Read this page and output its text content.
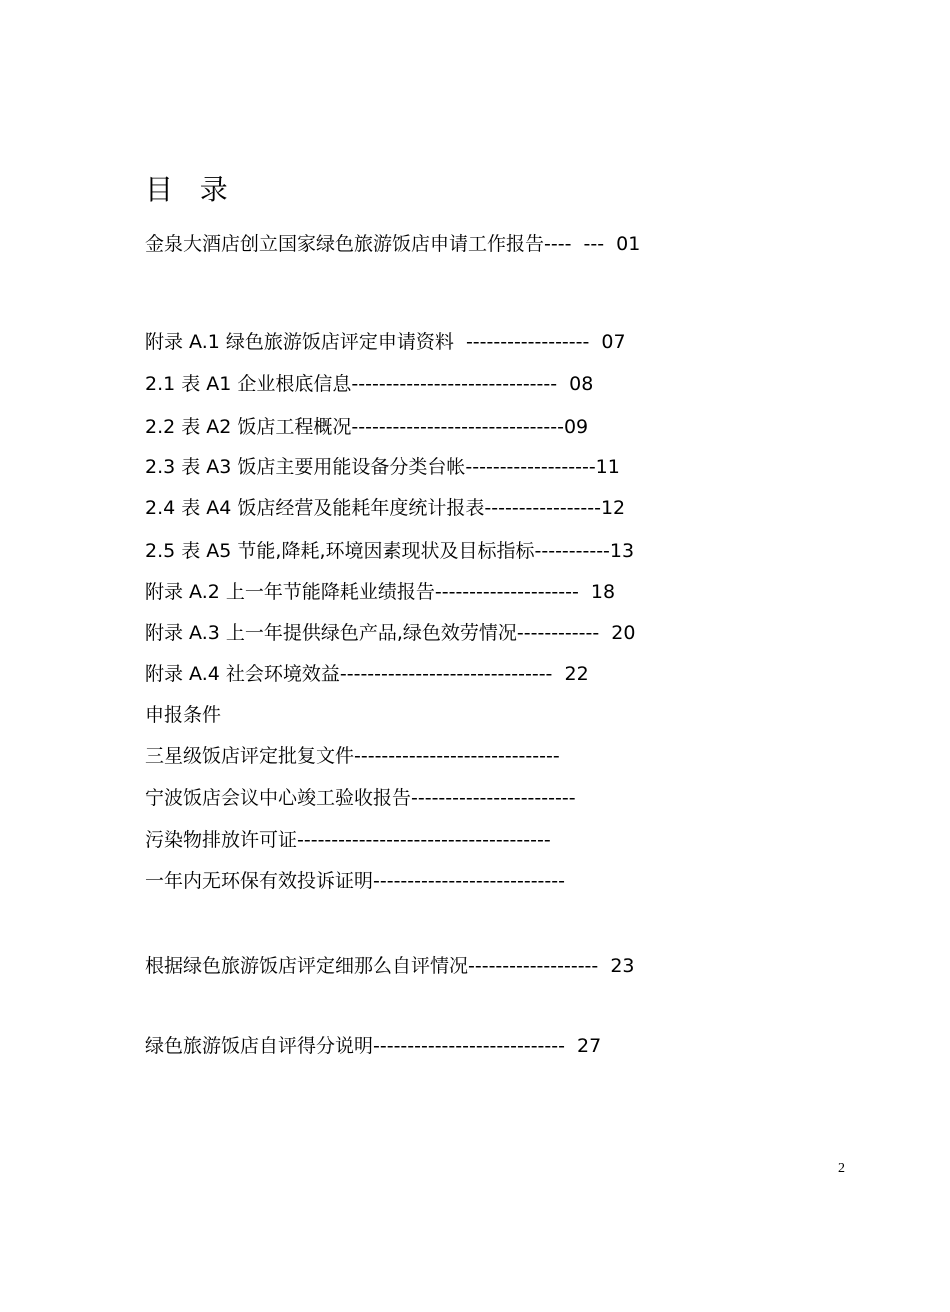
目   录
金泉大酒店创立国家绿色旅游饭店申请工作报告----  ---  01
附录 A.1 绿色旅游饭店评定申请资料  ------------------  07
2.1 表 A1 企业根底信息------------------------------  08
2.2 表 A2 饭店工程概况-------------------------------09
2.3 表 A3 饭店主要用能设备分类台帐-------------------11
2.4 表 A4 饭店经营及能耗年度统计报表-----------------12
2.5 表 A5 节能,降耗,环境因素现状及目标指标-----------13
附录 A.2 上一年节能降耗业绩报告---------------------  18
附录 A.3 上一年提供绿色产品,绿色效劳情况------------  20
附录 A.4 社会环境效益-------------------------------  22
申报条件
三星级饭店评定批复文件------------------------------
宁波饭店会议中心竣工验收报告------------------------
污染物排放许可证-------------------------------------
一年内无环保有效投诉证明----------------------------
根据绿色旅游饭店评定细那么自评情况-------------------  23
绿色旅游饭店自评得分说明----------------------------  27
2
